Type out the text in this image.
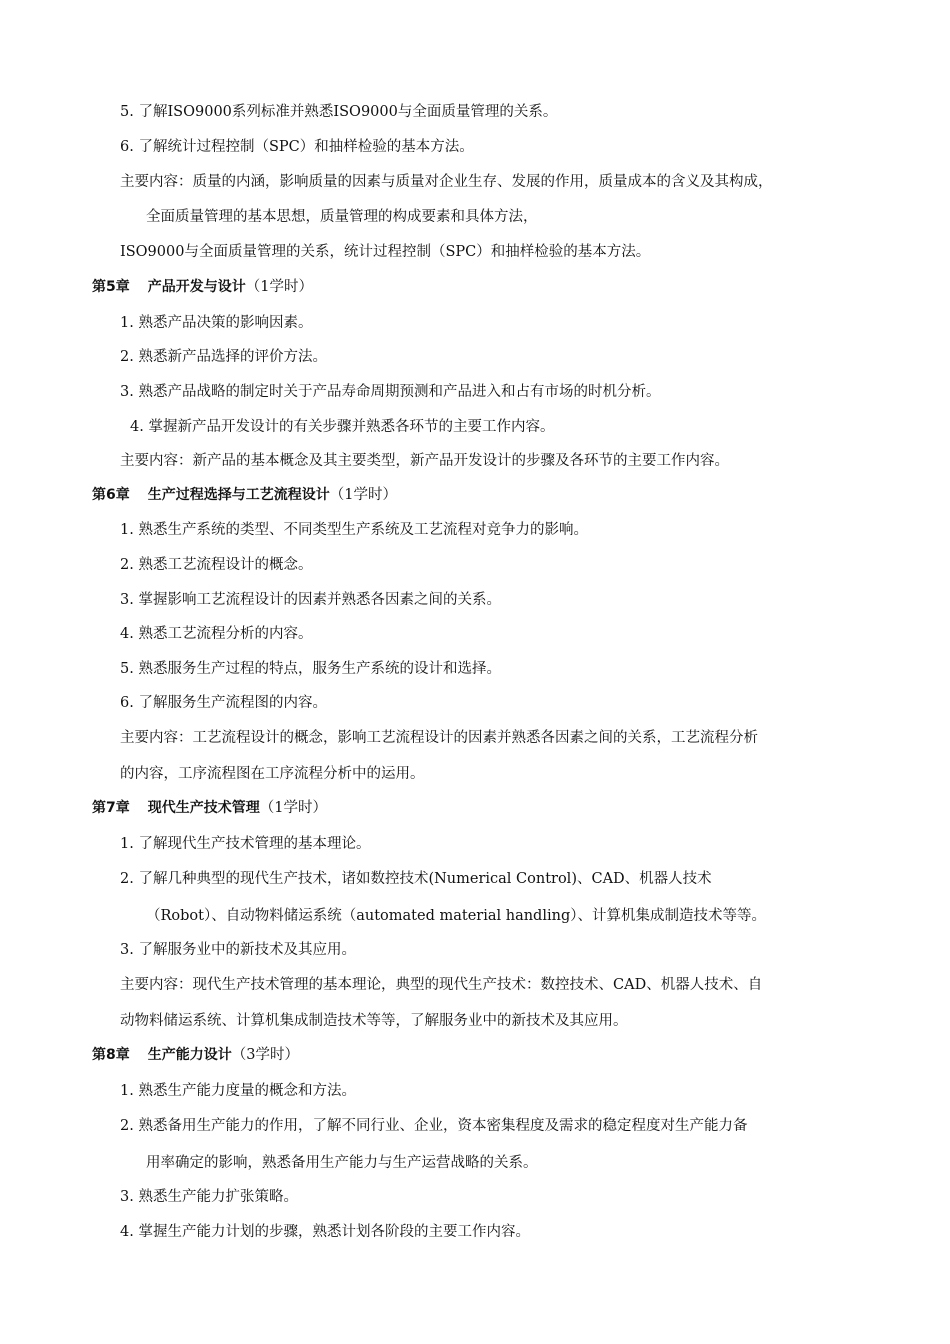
5. 了解ISO9000系列标准并熟悉ISO9000与全面质量管理的关系。
6. 了解统计过程控制（SPC）和抽样检验的基本方法。
主要内容：质量的内涵，影响质量的因素与质量对企业生存、发展的作用，质量成本的含义及其构成，
全面质量管理的基本思想，质量管理的构成要素和具体方法，
ISO9000与全面质量管理的关系，统计过程控制（SPC）和抽样检验的基本方法。
第5章 产品开发与设计（1学时）
1. 熟悉产品决策的影响因素。
2. 熟悉新产品选择的评价方法。
3. 熟悉产品战略的制定时关于产品寿命周期预测和产品进入和占有市场的时机分析。
4. 掌握新产品开发设计的有关步骤并熟悉各环节的主要工作内容。
主要内容：新产品的基本概念及其主要类型，新产品开发设计的步骤及各环节的主要工作内容。
第6章 生产过程选择与工艺流程设计（1学时）
1. 熟悉生产系统的类型、不同类型生产系统及工艺流程对竞争力的影响。
2. 熟悉工艺流程设计的概念。
3. 掌握影响工艺流程设计的因素并熟悉各因素之间的关系。
4. 熟悉工艺流程分析的内容。
5. 熟悉服务生产过程的特点，服务生产系统的设计和选择。
6. 了解服务生产流程图的内容。
主要内容：工艺流程设计的概念，影响工艺流程设计的因素并熟悉各因素之间的关系，工艺流程分析
的内容，工序流程图在工序流程分析中的运用。
第7章 现代生产技术管理（1学时）
1. 了解现代生产技术管理的基本理论。
2. 了解几种典型的现代生产技术，诸如数控技术(Numerical Control)、CAD、机器人技术
（Robot）、自动物料储运系统（automated material handling）、计算机集成制造技术等等。
3. 了解服务业中的新技术及其应用。
主要内容：现代生产技术管理的基本理论，典型的现代生产技术：数控技术、CAD、机器人技术、自
动物料储运系统、计算机集成制造技术等等，了解服务业中的新技术及其应用。
第8章 生产能力设计（3学时）
1. 熟悉生产能力度量的概念和方法。
2. 熟悉备用生产能力的作用，了解不同行业、企业，资本密集程度及需求的稳定程度对生产能力备
用率确定的影响，熟悉备用生产能力与生产运营战略的关系。
3. 熟悉生产能力扩张策略。
4. 掌握生产能力计划的步骤，熟悉计划各阶段的主要工作内容。
